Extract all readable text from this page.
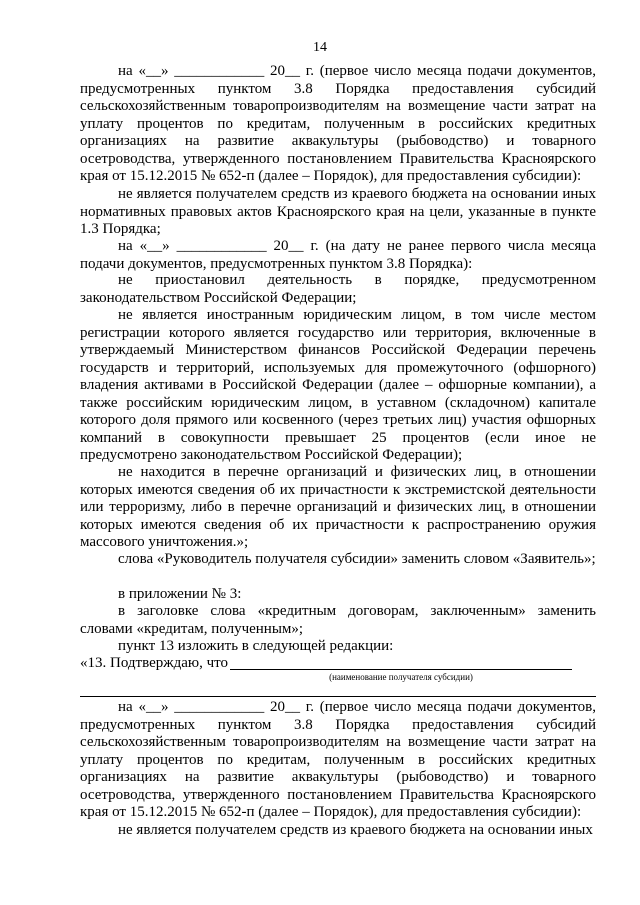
14
на «__» ____________ 20__ г. (первое число месяца подачи документов, предусмотренных пунктом 3.8 Порядка предоставления субсидий сельскохозяйственным товаропроизводителям на возмещение части затрат на уплату процентов по кредитам, полученным в российских кредитных организациях на развитие аквакультуры (рыбоводство) и товарного осетроводства, утвержденного постановлением Правительства Красноярского края от 15.12.2015 № 652-п (далее – Порядок), для предоставления субсидии):
не является получателем средств из краевого бюджета на основании иных нормативных правовых актов Красноярского края на цели, указанные в пункте 1.3 Порядка;
на «__» ____________ 20__ г. (на дату не ранее первого числа месяца подачи документов, предусмотренных пунктом 3.8 Порядка):
не приостановил деятельность в порядке, предусмотренном законодательством Российской Федерации;
не является иностранным юридическим лицом, в том числе местом регистрации которого является государство или территория, включенные в утверждаемый Министерством финансов Российской Федерации перечень государств и территорий, используемых для промежуточного (офшорного) владения активами в Российской Федерации (далее – офшорные компании), а также российским юридическим лицом, в уставном (складочном) капитале которого доля прямого или косвенного (через третьих лиц) участия офшорных компаний в совокупности превышает 25 процентов (если иное не предусмотрено законодательством Российской Федерации);
не находится в перечне организаций и физических лиц, в отношении которых имеются сведения об их причастности к экстремистской деятельности или терроризму, либо в перечне организаций и физических лиц, в отношении которых имеются сведения об их причастности к распространению оружия массового уничтожения.»;
слова «Руководитель получателя субсидии» заменить словом «Заявитель»;
в приложении № 3:
в заголовке слова «кредитным договорам, заключенным» заменить словами «кредитам, полученным»;
пункт 13 изложить в следующей редакции:
«13. Подтверждаю, что
(наименование получателя субсидии)
на «__» ____________ 20__ г. (первое число месяца подачи документов, предусмотренных пунктом 3.8 Порядка предоставления субсидий сельскохозяйственным товаропроизводителям на возмещение части затрат на уплату процентов по кредитам, полученным в российских кредитных организациях на развитие аквакультуры (рыбоводство) и товарного осетроводства, утвержденного постановлением Правительства Красноярского края от 15.12.2015 № 652-п (далее – Порядок), для предоставления субсидии):
не является получателем средств из краевого бюджета на основании иных
